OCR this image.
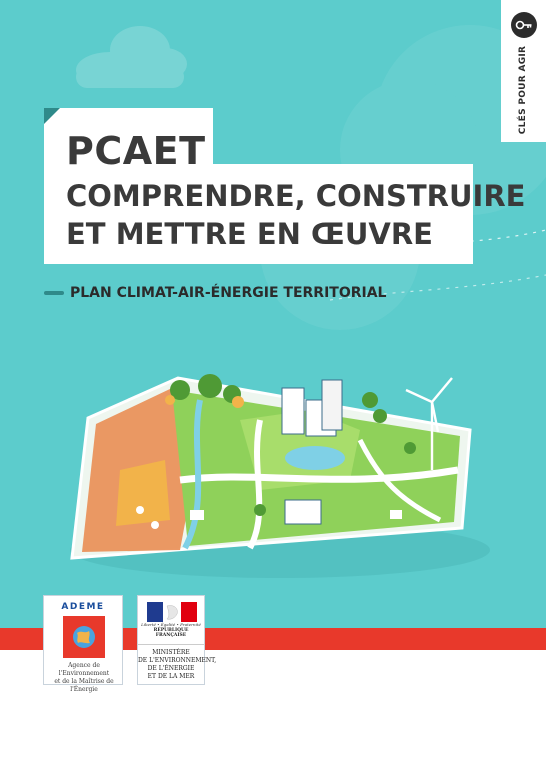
CLÉS POUR AGIR
PCAET
COMPRENDRE, CONSTRUIRE
ET METTRE EN ŒUVRE

PLAN CLIMAT-AIR-ÉNERGIE TERRITORIAL

ADEME
Agence de l'Environnement
et de la Maîtrise de l'Énergie
Liberté • Égalité • Fraternité
RÉPUBLIQUE FRANÇAISE
MINISTÈRE
DE L'ENVIRONNEMENT,
DE L'ÉNERGIE
ET DE LA MER
